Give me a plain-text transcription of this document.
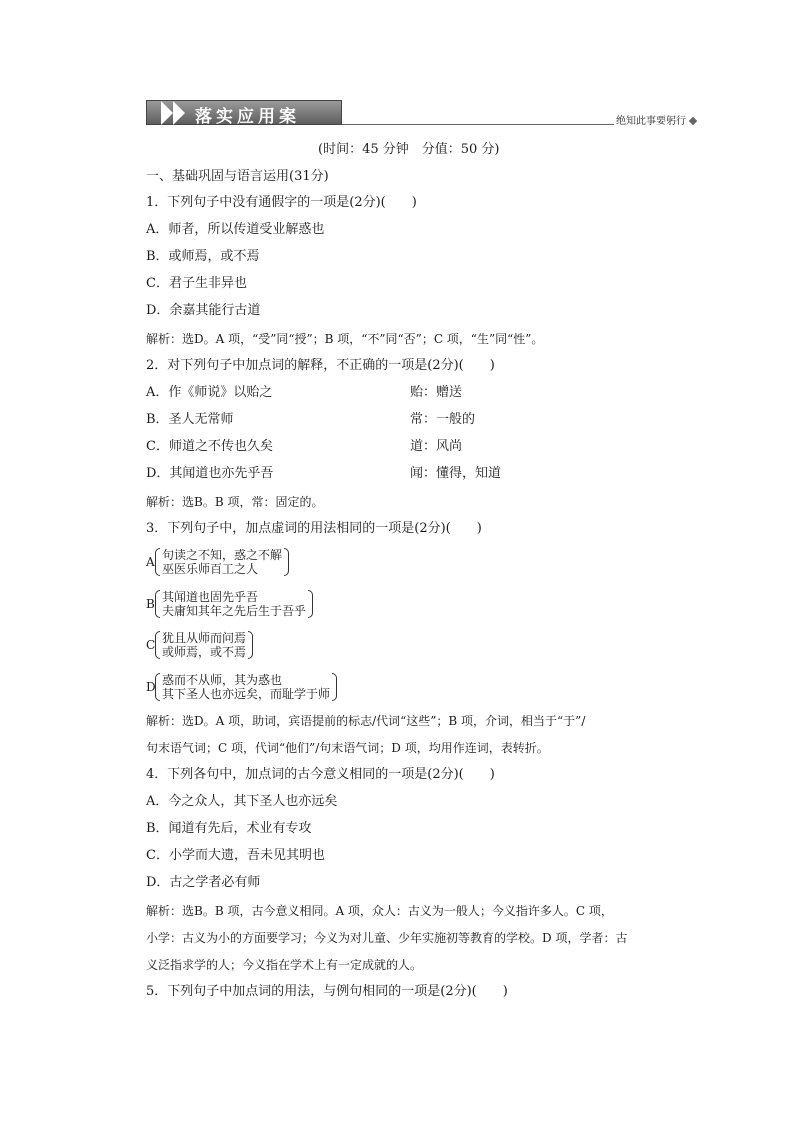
落实应用案	绝知此事要躬行
(时间：45 分钟　分值：50 分)
一、基础巩固与语言运用(31分)
1．下列句子中没有通假字的一项是(2分)(　　)
A．师者，所以传道受业解惑也
B．或师焉，或不焉
C．君子生非异也
D．余嘉其能行古道
解析：选D。A 项，“受”同“授”；B 项，“不”同“否”；C 项，“生”同“性”。
2．对下列句子中加点词的解释，不正确的一项是(2分)(　　)
A．作《师说》以贻之	贻：赠送
B．圣人无常师	常：一般的
C．师道之不传也久矣	道：风尚
D．其闻道也亦先乎吾	闻：懂得，知道
解析：选B。B 项，常：固定的。
3．下列句子中，加点虚词的用法相同的一项是(2分)(　　)
A 句读之不知，惑之不解
巫医乐师百工之人
B 其闻道也固先乎吾
夫庸知其年之先后生于吾乎
C 犹且从师而问焉
或师焉，或不焉
D 惑而不从师，其为惑也
其下圣人也亦远矣，而耻学于师
解析：选D。A 项，助词，宾语提前的标志/代词“这些”；B 项，介词，相当于“于”/
句末语气词；C 项，代词“他们”/句末语气词；D 项，均用作连词，表转折。
4．下列各句中，加点词的古今意义相同的一项是(2分)(　　)
A．今之众人，其下圣人也亦远矣
B．闻道有先后，术业有专攻
C．小学而大遗，吾未见其明也
D．古之学者必有师
解析：选B。B 项，古今意义相同。A 项，众人：古义为一般人；今义指许多人。C 项，
小学：古义为小的方面要学习；今义为对儿童、少年实施初等教育的学校。D 项，学者：古
义泛指求学的人；今义指在学术上有一定成就的人。
5．下列句子中加点词的用法，与例句相同的一项是(2分)(　　)
